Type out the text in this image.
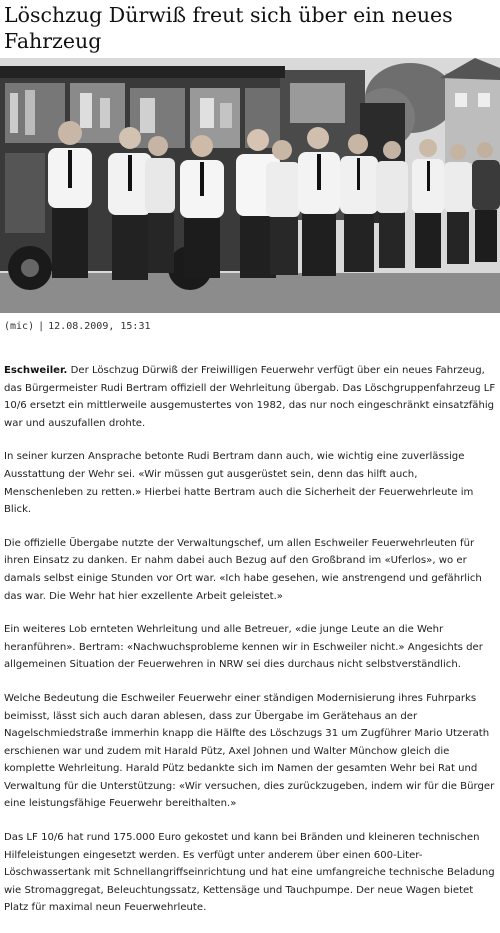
Löschzug Dürwiß freut sich über ein neues Fahrzeug
(mic) | 12.08.2009, 15:31

Eschweiler. Der Löschzug Dürwiß der Freiwilligen Feuerwehr verfügt über ein neues Fahrzeug, das Bürgermeister Rudi Bertram offiziell der Wehrleitung übergab. Das Löschgruppenfahrzeug LF 10/6 ersetzt ein mittlerweile ausgemustertes von 1982, das nur noch eingeschränkt einsatzfähig war und auszufallen drohte.

In seiner kurzen Ansprache betonte Rudi Bertram dann auch, wie wichtig eine zuverlässige Ausstattung der Wehr sei. «Wir müssen gut ausgerüstet sein, denn das hilft auch, Menschenleben zu retten.» Hierbei hatte Bertram auch die Sicherheit der Feuerwehrleute im Blick.

Die offizielle Übergabe nutzte der Verwaltungschef, um allen Eschweiler Feuerwehrleuten für ihren Einsatz zu danken. Er nahm dabei auch Bezug auf den Großbrand im «Uferlos», wo er damals selbst einige Stunden vor Ort war. «Ich habe gesehen, wie anstrengend und gefährlich das war. Die Wehr hat hier exzellente Arbeit geleistet.»

Ein weiteres Lob ernteten Wehrleitung und alle Betreuer, «die junge Leute an die Wehr heranführen». Bertram: «Nachwuchsprobleme kennen wir in Eschweiler nicht.» Angesichts der allgemeinen Situation der Feuerwehren in NRW sei dies durchaus nicht selbstverständlich.

Welche Bedeutung die Eschweiler Feuerwehr einer ständigen Modernisierung ihres Fuhrparks beimisst, lässt sich auch daran ablesen, dass zur Übergabe im Gerätehaus an der Nagelschmiedstraße immerhin knapp die Hälfte des Löschzugs 31 um Zugführer Mario Utzerath erschienen war und zudem mit Harald Pütz, Axel Johnen und Walter Münchow gleich die komplette Wehrleitung. Harald Pütz bedankte sich im Namen der gesamten Wehr bei Rat und Verwaltung für die Unterstützung: «Wir versuchen, dies zurückzugeben, indem wir für die Bürger eine leistungsfähige Feuerwehr bereithalten.»

Das LF 10/6 hat rund 175.000 Euro gekostet und kann bei Bränden und kleineren technischen Hilfeleistungen eingesetzt werden. Es verfügt unter anderem über einen 600-Liter-Löschwassertank mit Schnellangriffseinrichtung und hat eine umfangreiche technische Beladung wie Stromaggregat, Beleuchtungssatz, Kettensäge und Tauchpumpe. Der neue Wagen bietet Platz für maximal neun Feuerwehrleute.
